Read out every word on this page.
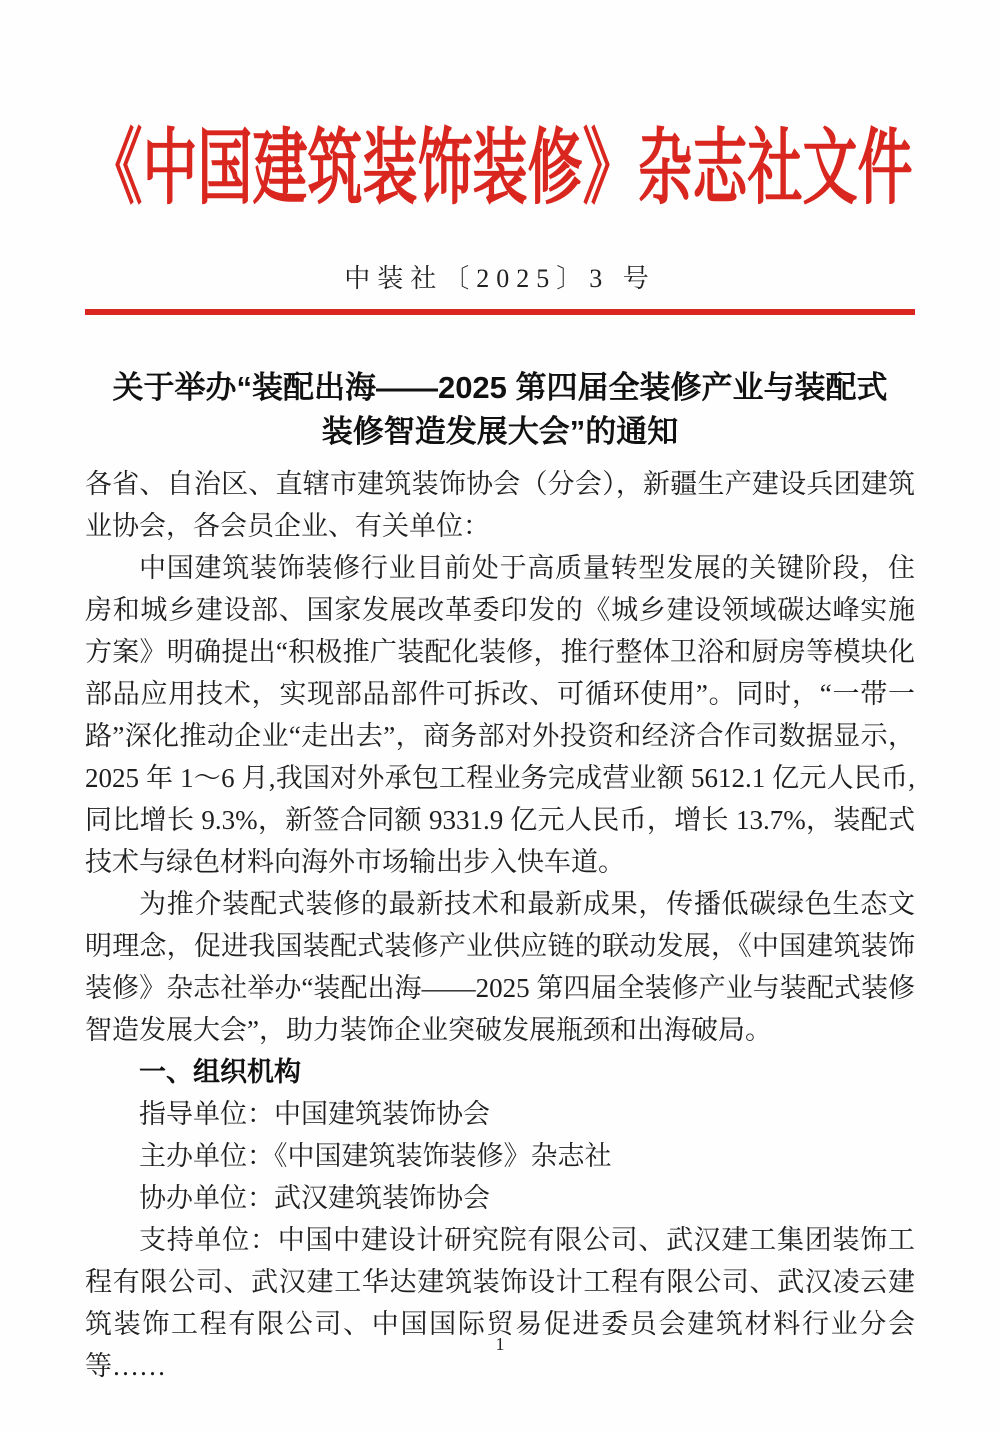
《中国建筑装饰装修》杂志社文件
中装社〔2025〕3 号
关于举办“装配出海——2025 第四届全装修产业与装配式
装修智造发展大会”的通知
各省、自治区、直辖市建筑装饰协会（分会），新疆生产建设兵团建筑业协会，各会员企业、有关单位：
中国建筑装饰装修行业目前处于高质量转型发展的关键阶段，住房和城乡建设部、国家发展改革委印发的《城乡建设领域碳达峰实施方案》明确提出“积极推广装配化装修，推行整体卫浴和厨房等模块化部品应用技术，实现部品部件可拆改、可循环使用”。同时，“一带一路”深化推动企业“走出去”，商务部对外投资和经济合作司数据显示，2025 年 1～6 月,我国对外承包工程业务完成营业额 5612.1 亿元人民币,同比增长 9.3%，新签合同额 9331.9 亿元人民币，增长 13.7%，装配式技术与绿色材料向海外市场输出步入快车道。
为推介装配式装修的最新技术和最新成果，传播低碳绿色生态文明理念，促进我国装配式装修产业供应链的联动发展，《中国建筑装饰装修》杂志社举办“装配出海——2025 第四届全装修产业与装配式装修智造发展大会”，助力装饰企业突破发展瓶颈和出海破局。
一、组织机构
指导单位：中国建筑装饰协会
主办单位：《中国建筑装饰装修》杂志社
协办单位：武汉建筑装饰协会
支持单位：中国中建设计研究院有限公司、武汉建工集团装饰工程有限公司、武汉建工华达建筑装饰设计工程有限公司、武汉凌云建筑装饰工程有限公司、中国国际贸易促进委员会建筑材料行业分会等……
1
